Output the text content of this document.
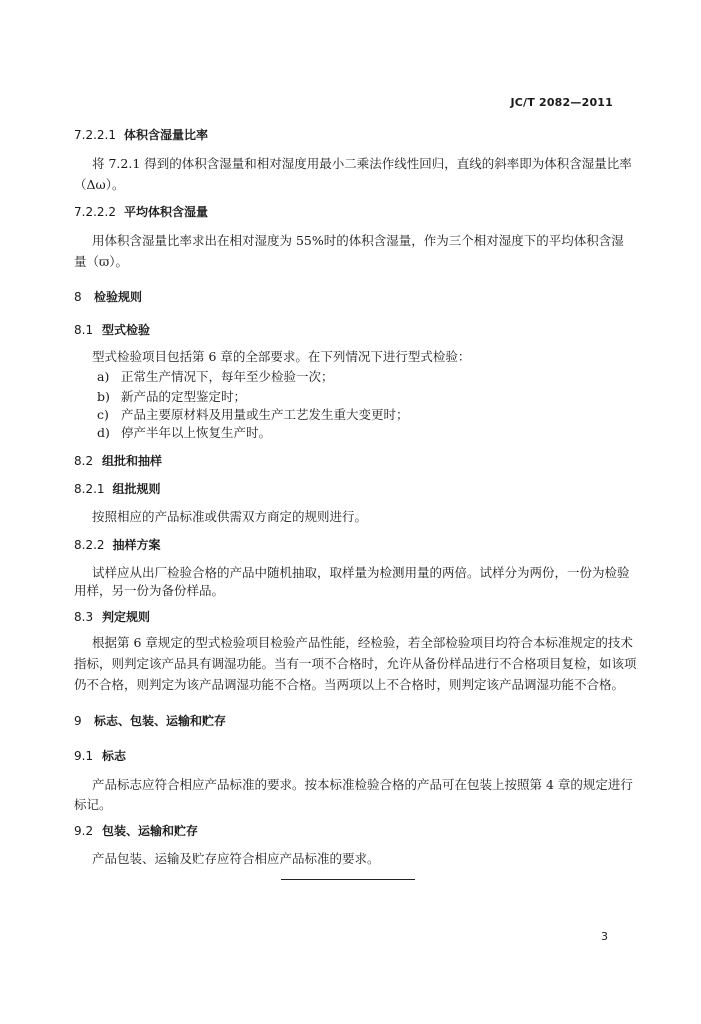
JC/T 2082—2011
7.2.2.1 体积含湿量比率
将 7.2.1 得到的体积含湿量和相对湿度用最小二乘法作线性回归，直线的斜率即为体积含湿量比率
（Δω）。
7.2.2.2 平均体积含湿量
用体积含湿量比率求出在相对湿度为 55%时的体积含湿量，作为三个相对湿度下的平均体积含湿
量（ϖ）。
8 检验规则
8.1 型式检验
型式检验项目包括第 6 章的全部要求。在下列情况下进行型式检验：
a) 正常生产情况下，每年至少检验一次；
b) 新产品的定型鉴定时；
c) 产品主要原材料及用量或生产工艺发生重大变更时；
d) 停产半年以上恢复生产时。
8.2 组批和抽样
8.2.1 组批规则
按照相应的产品标准或供需双方商定的规则进行。
8.2.2 抽样方案
试样应从出厂检验合格的产品中随机抽取，取样量为检测用量的两倍。试样分为两份，一份为检验
用样，另一份为备份样品。
8.3 判定规则
根据第 6 章规定的型式检验项目检验产品性能，经检验，若全部检验项目均符合本标准规定的技术
指标，则判定该产品具有调湿功能。当有一项不合格时，允许从备份样品进行不合格项目复检，如该项
仍不合格，则判定为该产品调湿功能不合格。当两项以上不合格时，则判定该产品调湿功能不合格。
9 标志、包装、运输和贮存
9.1 标志
产品标志应符合相应产品标准的要求。按本标准检验合格的产品可在包装上按照第 4 章的规定进行
标记。
9.2 包装、运输和贮存
产品包装、运输及贮存应符合相应产品标准的要求。
3
